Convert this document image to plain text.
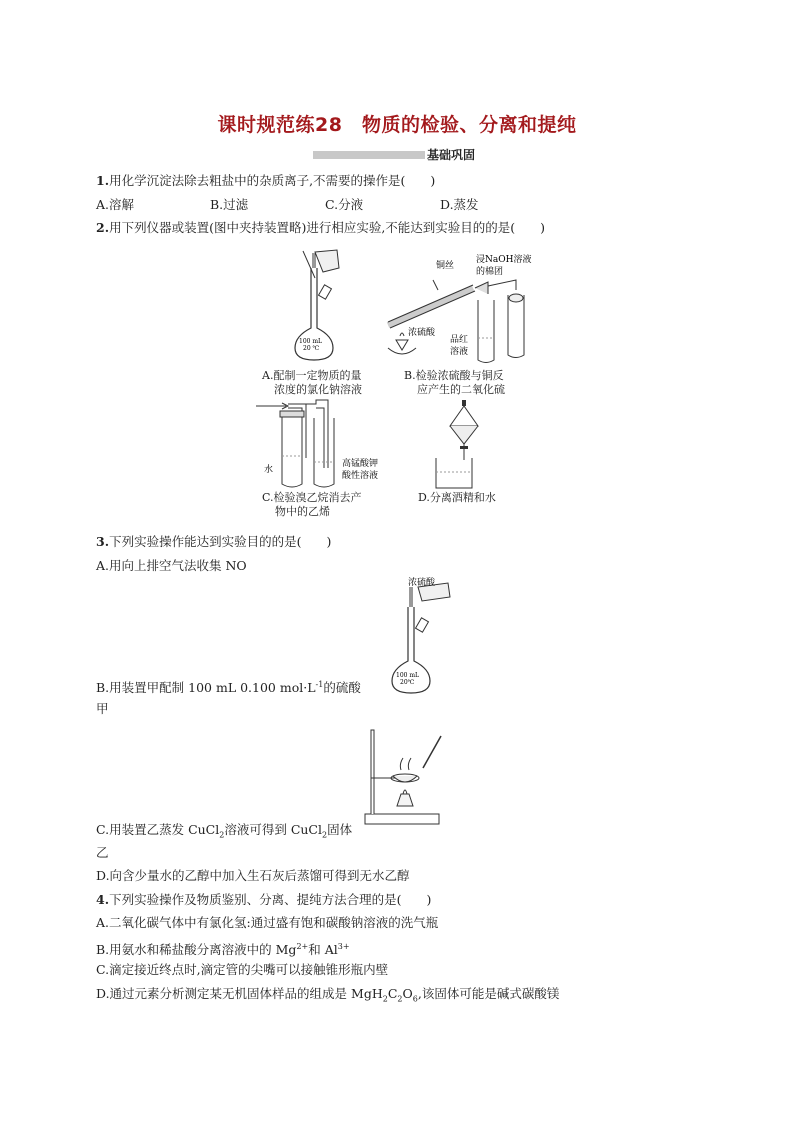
课时规范练28　物质的检验、分离和提纯
基础巩固
1.用化学沉淀法除去粗盐中的杂质离子,不需要的操作是(　　)
A.溶解	B.过滤	C.分液	D.蒸发
2.用下列仪器或装置(图中夹持装置略)进行相应实验,不能达到实验目的的是(　　)
100 mL
20 ℃
A.配制一定物质的量
浓度的氯化钠溶液
铜丝
浸NaOH溶液
的棉团
浓硫酸
品红
溶液
B.检验浓硫酸与铜反
应产生的二氧化硫
水
高锰酸钾
酸性溶液
C.检验溴乙烷消去产
物中的乙烯
D.分离酒精和水
3.下列实验操作能达到实验目的的是(　　)
A.用向上排空气法收集 NO
浓硫酸
100 mL
20℃
B.用装置甲配制 100 mL 0.100 $mol\cdot L^{-1}$的硫酸
甲
C.用装置乙蒸发 CuCl$_2$溶液可得到 CuCl$_2$固体
乙
D.向含少量水的乙醇中加入生石灰后蒸馏可得到无水乙醇
4.下列实验操作及物质鉴别、分离、提纯方法合理的是(　　)
A.二氧化碳气体中有氯化氢:通过盛有饱和碳酸钠溶液的洗气瓶
B.用氨水和稀盐酸分离溶液中的 $Mg^{2+}$和 $Al^{3+}$
C.滴定接近终点时,滴定管的尖嘴可以接触锥形瓶内壁
D.通过元素分析测定某无机固体样品的组成是 $MgH_2C_2O_6$,该固体可能是碱式碳酸镁
